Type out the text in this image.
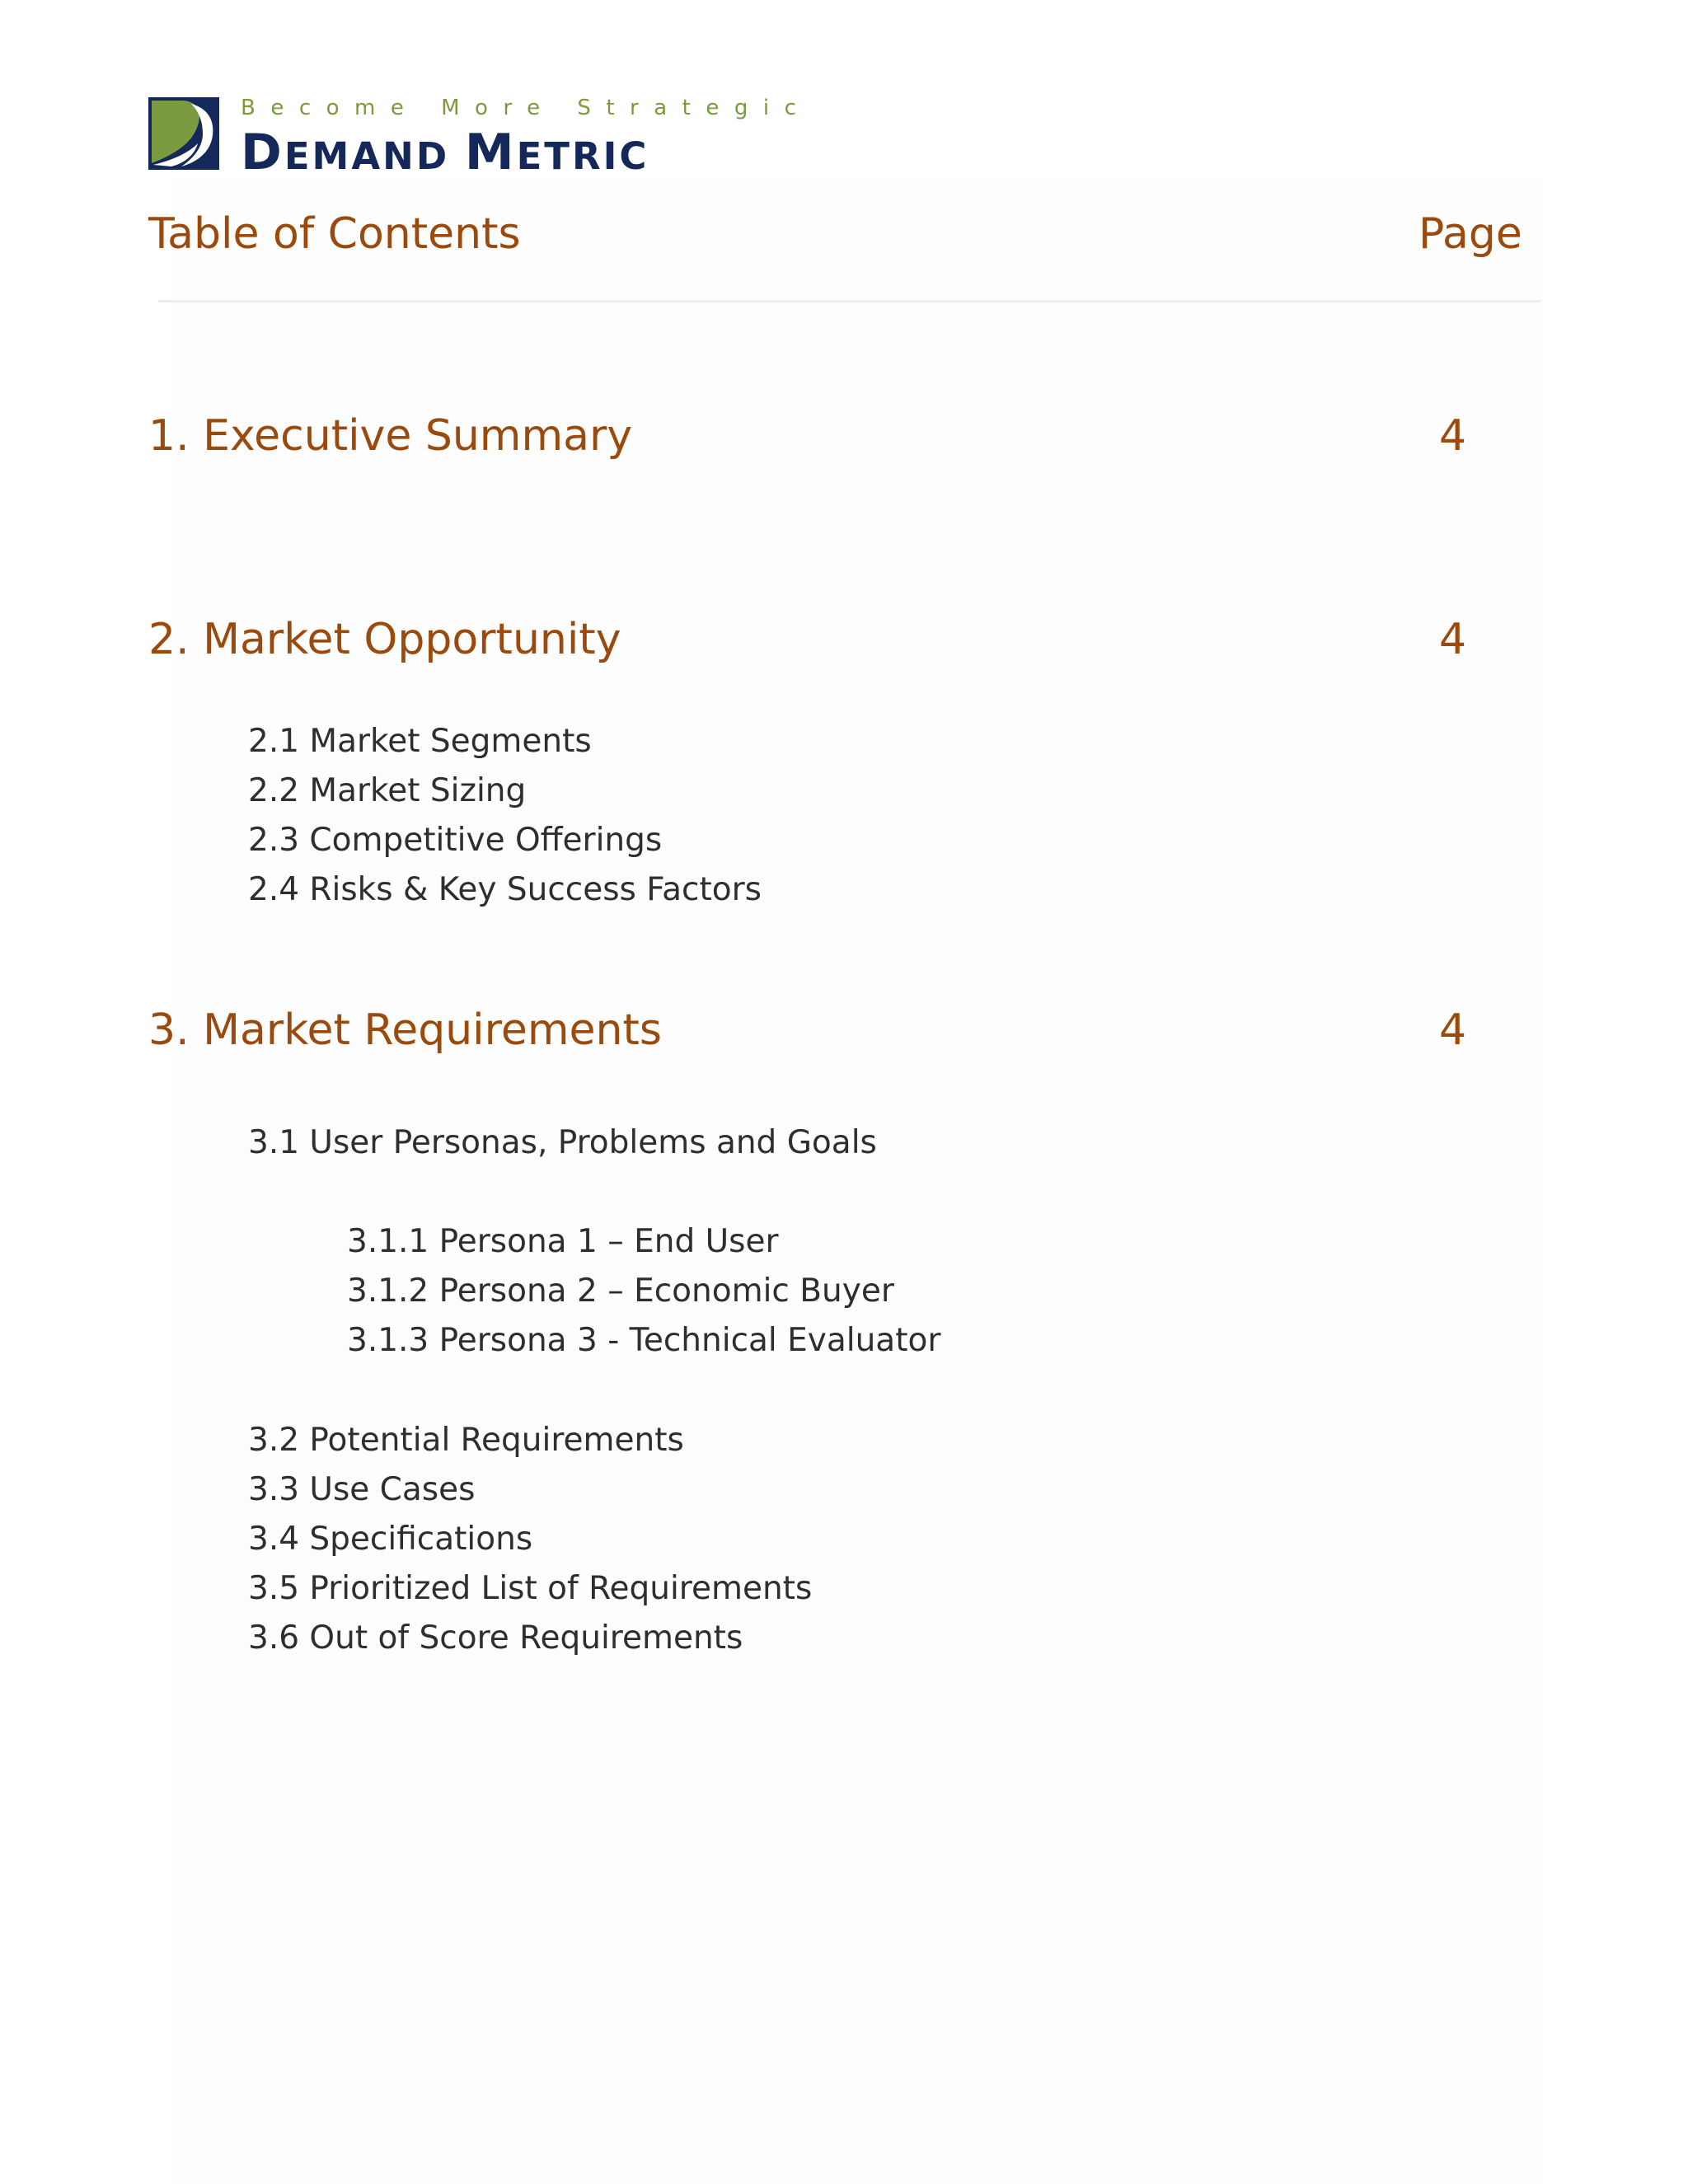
Become More Strategic
DEMAND METRIC
Table of Contents	Page
1. Executive Summary	4
2. Market Opportunity	4
2.1 Market Segments
2.2 Market Sizing
2.3 Competitive Offerings
2.4 Risks & Key Success Factors
3. Market Requirements	4
3.1 User Personas, Problems and Goals
3.1.1 Persona 1 – End User
3.1.2 Persona 2 – Economic Buyer
3.1.3 Persona 3 - Technical Evaluator
3.2 Potential Requirements
3.3 Use Cases
3.4 Specifications
3.5 Prioritized List of Requirements
3.6 Out of Score Requirements
